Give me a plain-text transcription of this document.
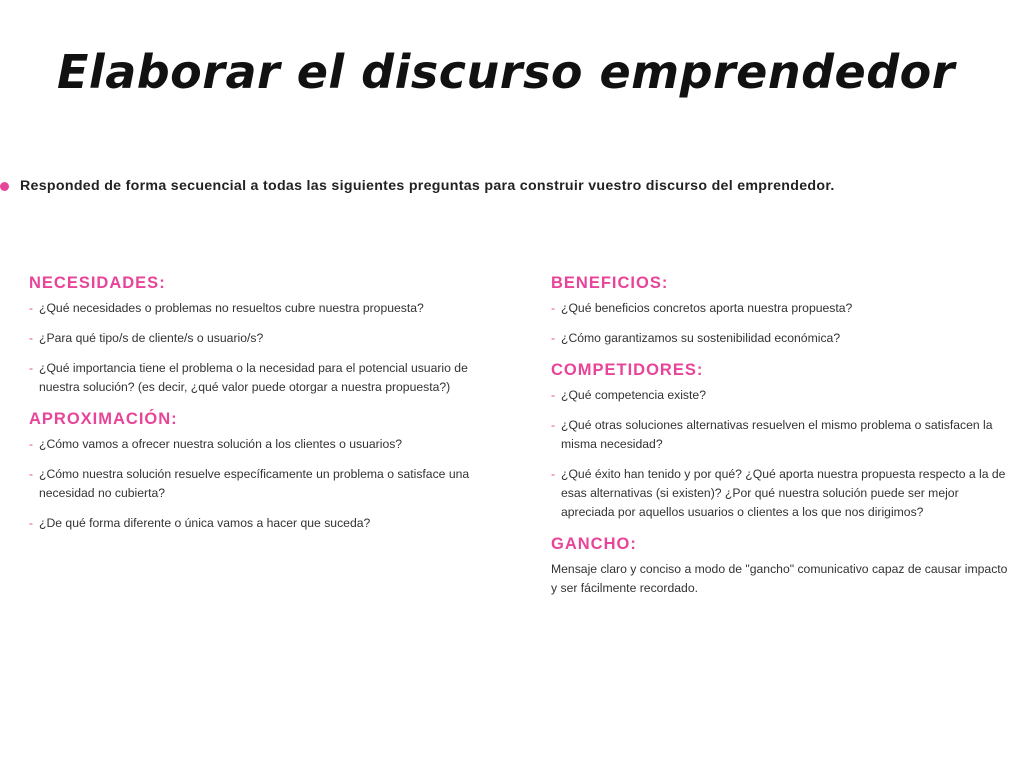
Elaborar el discurso emprendedor
Responded de forma secuencial a todas las siguientes preguntas para construir vuestro discurso del emprendedor.
NECESIDADES:
- ¿Qué necesidades o problemas no resueltos cubre nuestra propuesta?
- ¿Para qué tipo/s de cliente/s o usuario/s?
- ¿Qué importancia tiene el problema o la necesidad para el potencial usuario de nuestra solución? (es decir, ¿qué valor puede otorgar a nuestra propuesta?)
APROXIMACIÓN:
- ¿Cómo vamos a ofrecer nuestra solución a los clientes o usuarios?
- ¿Cómo nuestra solución resuelve específicamente un problema o satisface una necesidad no cubierta?
- ¿De qué forma diferente o única vamos a hacer que suceda?
BENEFICIOS:
- ¿Qué beneficios concretos aporta nuestra propuesta?
- ¿Cómo garantizamos su sostenibilidad económica?
COMPETIDORES:
- ¿Qué competencia existe?
- ¿Qué otras soluciones alternativas resuelven el mismo problema o satisfacen la misma necesidad?
- ¿Qué éxito han tenido y por qué? ¿Qué aporta nuestra propuesta respecto a la de esas alternativas (si existen)? ¿Por qué nuestra solución puede ser mejor apreciada por aquellos usuarios o clientes a los que nos dirigimos?
GANCHO:

Mensaje claro y conciso a modo de "gancho" comunicativo capaz de causar impacto y ser fácilmente recordado.
